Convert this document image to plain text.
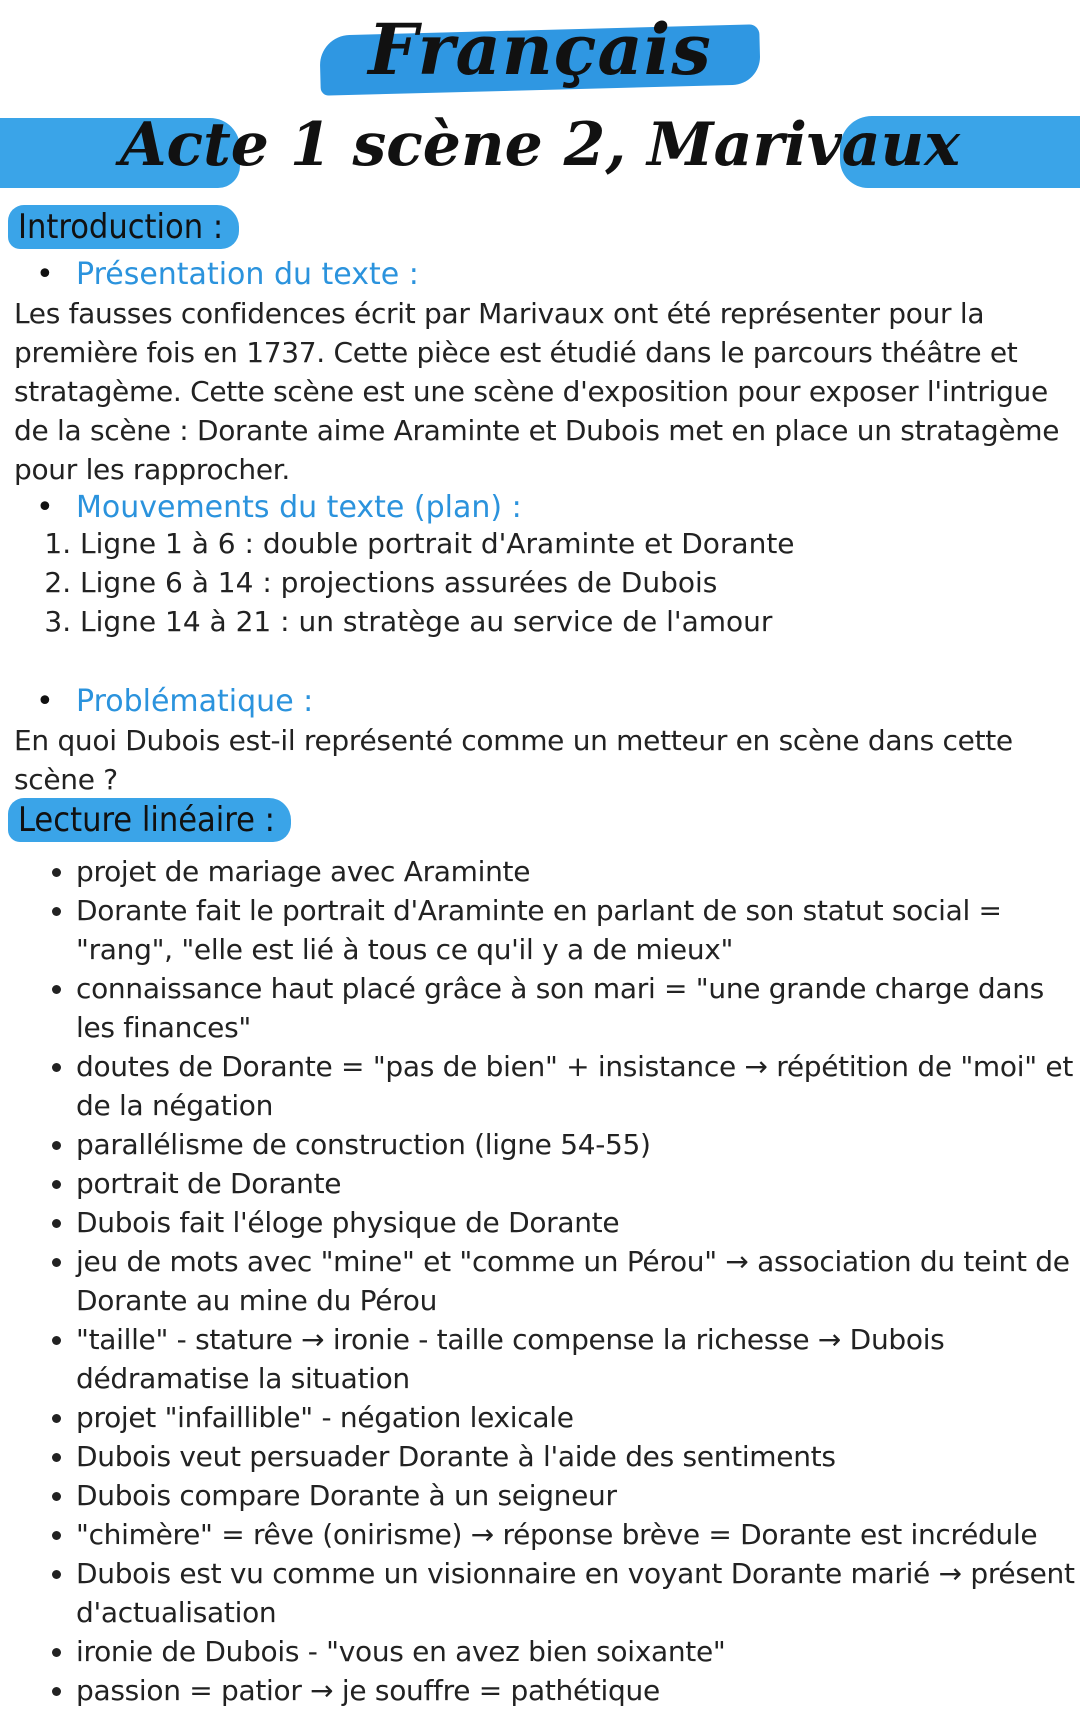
Français
Acte 1 scène 2, Marivaux
Introduction :
• Présentation du texte :
Les fausses confidences écrit par Marivaux ont été représenter pour la première fois en 1737. Cette pièce est étudié dans le parcours théâtre et stratagème. Cette scène est une scène d'exposition pour exposer l'intrigue de la scène : Dorante aime Araminte et Dubois met en place un stratagème pour les rapprocher.
• Mouvements du texte (plan) :
1. Ligne 1 à 6 : double portrait d'Araminte et Dorante
2. Ligne 6 à 14 : projections assurées de Dubois
3. Ligne 14 à 21 : un stratège au service de l'amour
• Problématique :
En quoi Dubois est-il représenté comme un metteur en scène dans cette scène ?
Lecture linéaire :
• projet de mariage avec Araminte
• Dorante fait le portrait d'Araminte en parlant de son statut social = "rang", "elle est lié à tous ce qu'il y a de mieux"
• connaissance haut placé grâce à son mari = "une grande charge dans les finances"
• doutes de Dorante = "pas de bien" + insistance → répétition de "moi" et de la négation
• parallélisme de construction (ligne 54-55)
• portrait de Dorante
• Dubois fait l'éloge physique de Dorante
• jeu de mots avec "mine" et "comme un Pérou" → association du teint de Dorante au mine du Pérou
• "taille" - stature → ironie - taille compense la richesse → Dubois dédramatise la situation
• projet "infaillible" - négation lexicale
• Dubois veut persuader Dorante à l'aide des sentiments
• Dubois compare Dorante à un seigneur
• "chimère" = rêve (onirisme) → réponse brève = Dorante est incrédule
• Dubois est vu comme un visionnaire en voyant Dorante marié → présent d'actualisation
• ironie de Dubois - "vous en avez bien soixante"
• passion = patior → je souffre = pathétique
